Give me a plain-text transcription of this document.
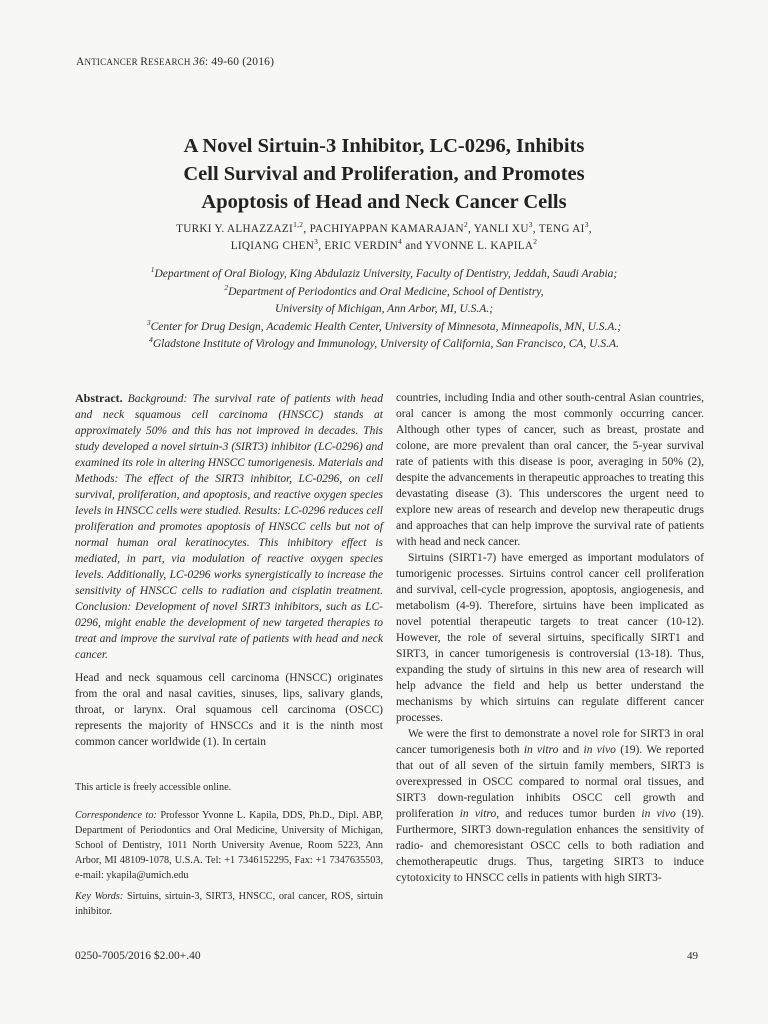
ANTICANCER RESEARCH 36: 49-60 (2016)
A Novel Sirtuin-3 Inhibitor, LC-0296, Inhibits
Cell Survival and Proliferation, and Promotes
Apoptosis of Head and Neck Cancer Cells
TURKI Y. ALHAZZAZI$^{1,2}$, PACHIYAPPAN KAMARAJAN$^2$, YANLI $XU^3$, TENG $AI^3$,
LIQIANG CHEN$^3$, ERIC VERDIN$^4$ and YVONNE L. KAPILA$^2$
$^1$Department of Oral Biology, King Abdulaziz University, Faculty of Dentistry, Jeddah, Saudi Arabia;
$^2$Department of Periodontics and Oral Medicine, School of Dentistry,
University of Michigan, Ann Arbor, MI, U.S.A.;
$^3$Center for Drug Design, Academic Health Center, University of Minnesota, Minneapolis, MN, U.S.A.;
$^4$Gladstone Institute of Virology and Immunology, University of California, San Francisco, CA, U.S.A.
Abstract. Background: The survival rate of patients with head and neck squamous cell carcinoma (HNSCC) stands at approximately 50% and this has not improved in decades. This study developed a novel sirtuin-3 (SIRT3) inhibitor (LC-0296) and examined its role in altering HNSCC tumorigenesis. Materials and Methods: The effect of the SIRT3 inhibitor, LC-0296, on cell survival, proliferation, and apoptosis, and reactive oxygen species levels in HNSCC cells were studied. Results: LC-0296 reduces cell proliferation and promotes apoptosis of HNSCC cells but not of normal human oral keratinocytes. This inhibitory effect is mediated, in part, via modulation of reactive oxygen species levels. Additionally, LC-0296 works synergistically to increase the sensitivity of HNSCC cells to radiation and cisplatin treatment. Conclusion: Development of novel SIRT3 inhibitors, such as LC-0296, might enable the development of new targeted therapies to treat and improve the survival rate of patients with head and neck cancer.
Head and neck squamous cell carcinoma (HNSCC) originates from the oral and nasal cavities, sinuses, lips, salivary glands, throat, or larynx. Oral squamous cell carcinoma (OSCC) represents the majority of HNSCCs and it is the ninth most common cancer worldwide (1). In certain
This article is freely accessible online.
Correspondence to: Professor Yvonne L. Kapila, DDS, Ph.D., Dipl. ABP, Department of Periodontics and Oral Medicine, University of Michigan, School of Dentistry, 1011 North University Avenue, Room 5223, Ann Arbor, MI 48109-1078, U.S.A. Tel: +1 7346152295, Fax: +1 7347635503, e-mail: ykapila@umich.edu
Key Words: Sirtuins, sirtuin-3, SIRT3, HNSCC, oral cancer, ROS, sirtuin inhibitor.

countries, including India and other south-central Asian countries, oral cancer is among the most commonly occurring cancer. Although other types of cancer, such as breast, prostate and colone, are more prevalent than oral cancer, the 5-year survival rate of patients with this disease is poor, averaging in 50% (2), despite the advancements in therapeutic approaches to treating this devastating disease (3). This underscores the urgent need to explore new areas of research and develop new therapeutic drugs and approaches that can help improve the survival rate of patients with head and neck cancer.

Sirtuins (SIRT1-7) have emerged as important modulators of tumorigenic processes. Sirtuins control cancer cell proliferation and survival, cell-cycle progression, apoptosis, angiogenesis, and metabolism (4-9). Therefore, sirtuins have been implicated as novel potential therapeutic targets to treat cancer (10-12). However, the role of several sirtuins, specifically SIRT1 and SIRT3, in cancer tumorigenesis is controversial (13-18). Thus, expanding the study of sirtuins in this new area of research will help advance the field and help us better understand the mechanisms by which sirtuins can regulate different cancer processes.

We were the first to demonstrate a novel role for SIRT3 in oral cancer tumorigenesis both in vitro and in vivo (19). We reported that out of all seven of the sirtuin family members, SIRT3 is overexpressed in OSCC compared to normal oral tissues, and SIRT3 down-regulation inhibits OSCC cell growth and proliferation in vitro, and reduces tumor burden in vivo (19). Furthermore, SIRT3 down-regulation enhances the sensitivity of radio- and chemoresistant OSCC cells to both radiation and chemotherapeutic drugs. Thus, targeting SIRT3 to induce cytotoxicity to HNSCC cells in patients with high SIRT3-

0250-7005/2016 $2.00+.40	49
